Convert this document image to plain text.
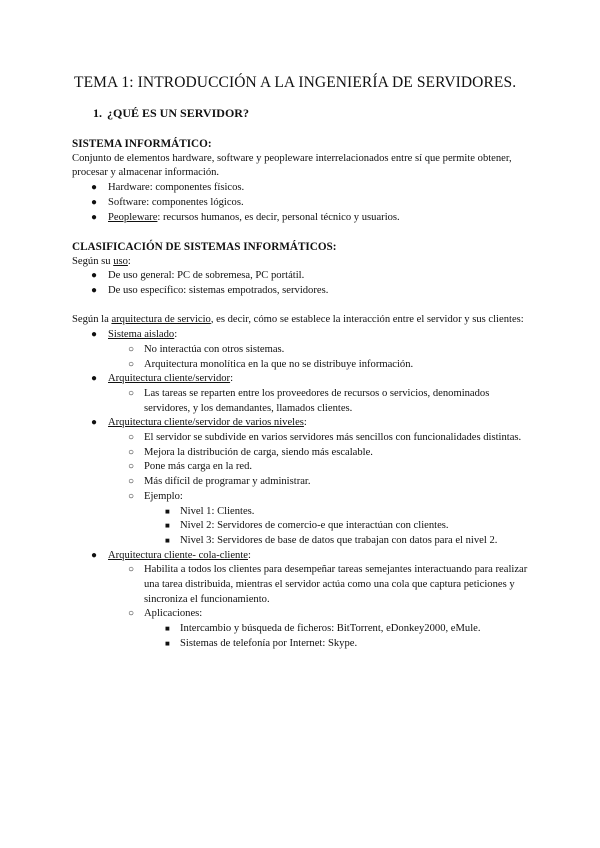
TEMA 1: INTRODUCCIÓN A LA INGENIERÍA DE SERVIDORES.
1. ¿QUÉ ES UN SERVIDOR?
SISTEMA INFORMÁTICO:

Conjunto de elementos hardware, software y peopleware interrelacionados entre sí que permite obtener, procesar y almacenar información.

● Hardware: componentes físicos.
● Software: componentes lógicos.
● Peopleware: recursos humanos, es decir, personal técnico y usuarios.
CLASIFICACIÓN DE SISTEMAS INFORMÁTICOS:

Según su uso:

● De uso general: PC de sobremesa, PC portátil.
● De uso específico: sistemas empotrados, servidores.

Según la arquitectura de servicio, es decir, cómo se establece la interacción entre el servidor y sus clientes:

● Sistema aislado:
○ No interactúa con otros sistemas.
○ Arquitectura monolítica en la que no se distribuye información.
● Arquitectura cliente/servidor:
○ Las tareas se reparten entre los proveedores de recursos o servicios, denominados servidores, y los demandantes, llamados clientes.
● Arquitectura cliente/servidor de varios niveles:
○ El servidor se subdivide en varios servidores más sencillos con funcionalidades distintas.
○ Mejora la distribución de carga, siendo más escalable.
○ Pone más carga en la red.
○ Más difícil de programar y administrar.
○ Ejemplo:
■ Nivel 1: Clientes.
■ Nivel 2: Servidores de comercio-e que interactúan con clientes.
■ Nivel 3: Servidores de base de datos que trabajan con datos para el nivel 2.
● Arquitectura cliente- cola-cliente:
○ Habilita a todos los clientes para desempeñar tareas semejantes interactuando para realizar una tarea distribuida, mientras el servidor actúa como una cola que captura peticiones y sincroniza el funcionamiento.
○ Aplicaciones:
■ Intercambio y búsqueda de ficheros: BitTorrent, eDonkey2000, eMule.
■ Sistemas de telefonía por Internet: Skype.
